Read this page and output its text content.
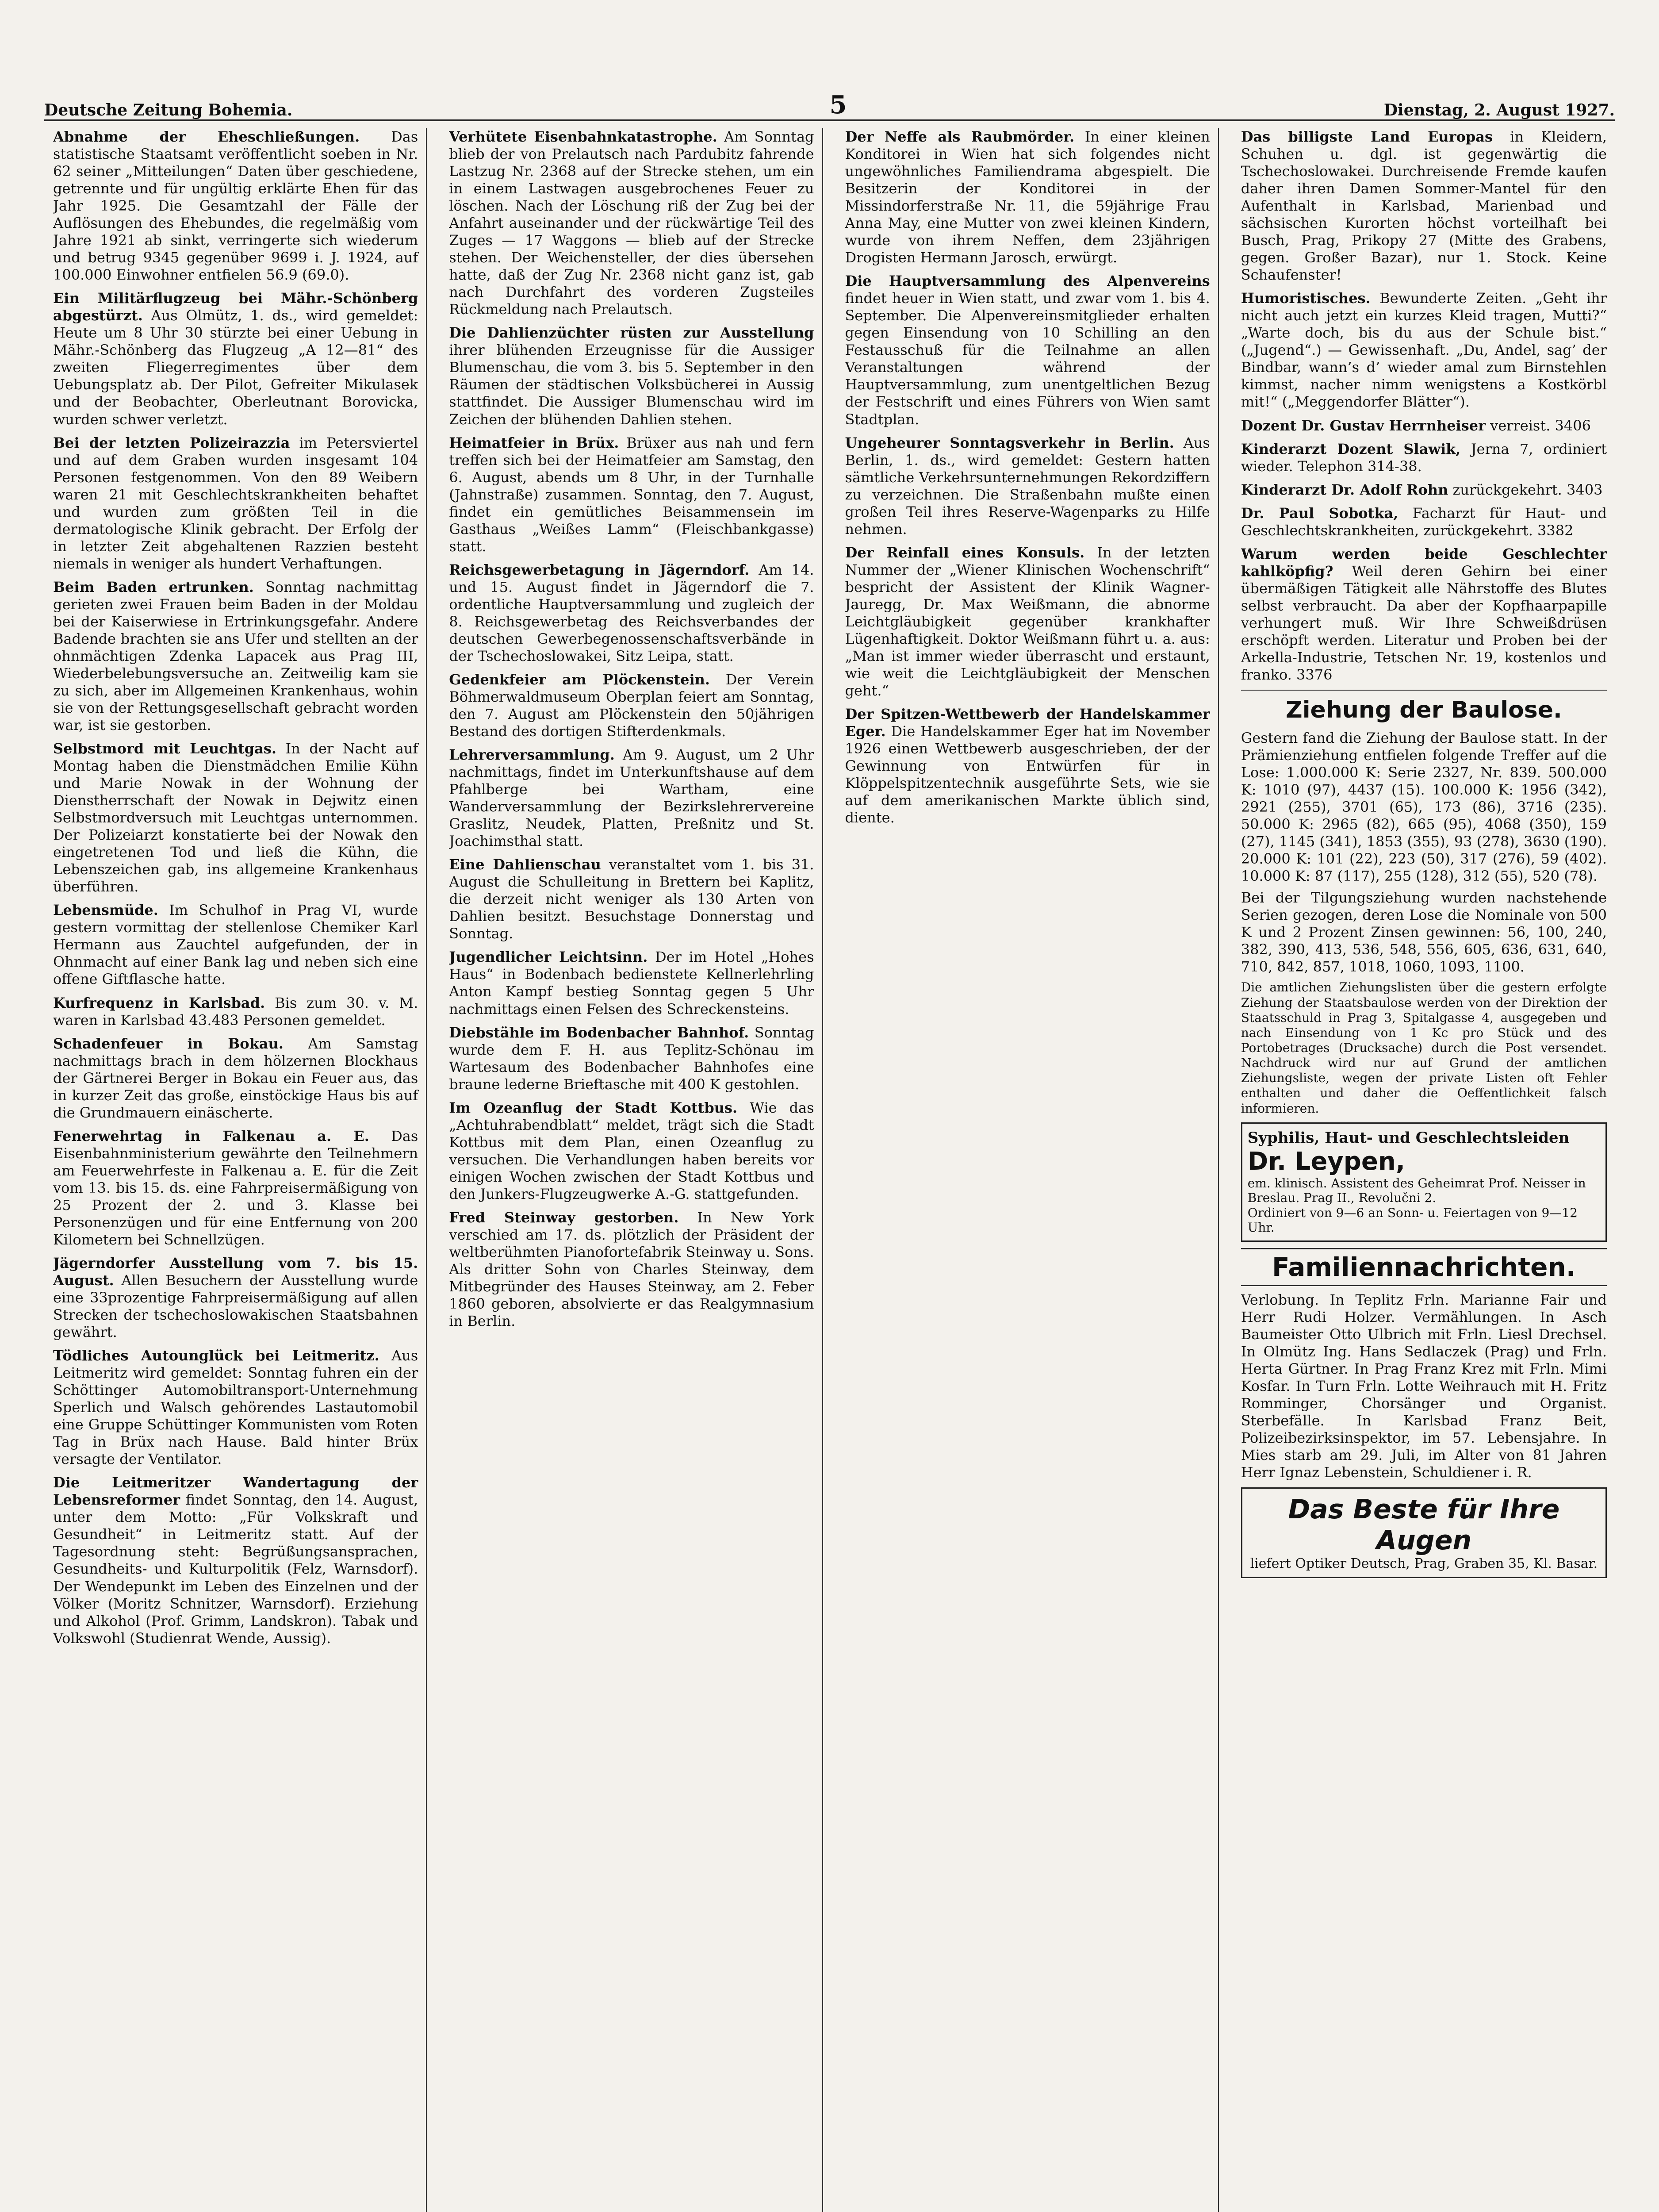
Deutsche Zeitung Bohemia.	5	Dienstag, 2. August 1927.
Abnahme der Eheschließungen. Das statistische Staatsamt veröffentlicht soeben in Nr. 62 seiner „Mitteilungen“ Daten über geschiedene, getrennte und für ungültig erklärte Ehen für das Jahr 1925. Die Gesamtzahl der Fälle der Auflösungen des Ehebundes, die regelmäßig vom Jahre 1921 ab sinkt, verringerte sich wiederum und betrug 9345 gegenüber 9699 i. J. 1924, auf 100.000 Einwohner entfielen 56.9 (69.0).
Ein Militärflugzeug bei Mähr.-Schönberg abgestürzt. Aus Olmütz, 1. ds., wird gemeldet: Heute um 8 Uhr 30 stürzte bei einer Uebung in Mähr.-Schönberg das Flugzeug „A 12—81“ des zweiten Fliegerregimentes über dem Uebungsplatz ab. Der Pilot, Gefreiter Mikulasek und der Beobachter, Oberleutnant Borovicka, wurden schwer verletzt.
Bei der letzten Polizeirazzia im Petersviertel und auf dem Graben wurden insgesamt 104 Personen festgenommen. Von den 89 Weibern waren 21 mit Geschlechtskrankheiten behaftet und wurden zum größten Teil in die dermatologische Klinik gebracht. Der Erfolg der in letzter Zeit abgehaltenen Razzien besteht niemals in weniger als hundert Verhaftungen.
Beim Baden ertrunken. Sonntag nachmittag gerieten zwei Frauen beim Baden in der Moldau bei der Kaiserwiese in Ertrinkungsgefahr. Andere Badende brachten sie ans Ufer und stellten an der ohnmächtigen Zdenka Lapacek aus Prag III, Wiederbelebungsversuche an. Zeitweilig kam sie zu sich, aber im Allgemeinen Krankenhaus, wohin sie von der Rettungsgesellschaft gebracht worden war, ist sie gestorben.
Selbstmord mit Leuchtgas. In der Nacht auf Montag haben die Dienstmädchen Emilie Kühn und Marie Nowak in der Wohnung der Dienstherrschaft der Nowak in Dejwitz einen Selbstmordversuch mit Leuchtgas unternommen. Der Polizeiarzt konstatierte bei der Nowak den eingetretenen Tod und ließ die Kühn, die Lebenszeichen gab, ins allgemeine Krankenhaus überführen.
Lebensmüde. Im Schulhof in Prag VI, wurde gestern vormittag der stellenlose Chemiker Karl Hermann aus Zauchtel aufgefunden, der in Ohnmacht auf einer Bank lag und neben sich eine offene Giftflasche hatte.
Kurfrequenz in Karlsbad. Bis zum 30. v. M. waren in Karlsbad 43.483 Personen gemeldet.
Schadenfeuer in Bokau. Am Samstag nachmittags brach in dem hölzernen Blockhaus der Gärtnerei Berger in Bokau ein Feuer aus, das in kurzer Zeit das große, einstöckige Haus bis auf die Grundmauern einäscherte.
Fenerwehrtag in Falkenau a. E. Das Eisenbahnministerium gewährte den Teilnehmern am Feuerwehrfeste in Falkenau a. E. für die Zeit vom 13. bis 15. ds. eine Fahrpreisermäßigung von 25 Prozent der 2. und 3. Klasse bei Personenzügen und für eine Entfernung von 200 Kilometern bei Schnellzügen.
Jägerndorfer Ausstellung vom 7. bis 15. August. Allen Besuchern der Ausstellung wurde eine 33prozentige Fahrpreisermäßigung auf allen Strecken der tschechoslowakischen Staatsbahnen gewährt.
Tödliches Autounglück bei Leitmeritz. Aus Leitmeritz wird gemeldet: Sonntag fuhren ein der Schöttinger Automobiltransport-Unternehmung Sperlich und Walsch gehörendes Lastautomobil eine Gruppe Schüttinger Kommunisten vom Roten Tag in Brüx nach Hause. Bald hinter Brüx versagte der Ventilator.
Die Leitmeritzer Wandertagung der Lebensreformer findet Sonntag, den 14. August, unter dem Motto: „Für Volkskraft und Gesundheit“ in Leitmeritz statt. Auf der Tagesordnung steht: Begrüßungsansprachen, Gesundheits- und Kulturpolitik (Felz, Warnsdorf). Der Wendepunkt im Leben des Einzelnen und der Völker (Moritz Schnitzer, Warnsdorf). Erziehung und Alkohol (Prof. Grimm, Landskron). Tabak und Volkswohl (Studienrat Wende, Aussig).
Verhütete Eisenbahnkatastrophe. Am Sonntag blieb der von Prelautsch nach Pardubitz fahrende Lastzug Nr. 2368 auf der Strecke stehen, um ein in einem Lastwagen ausgebrochenes Feuer zu löschen. Nach der Löschung riß der Zug bei der Anfahrt auseinander und der rückwärtige Teil des Zuges — 17 Waggons — blieb auf der Strecke stehen. Der Weichensteller, der dies übersehen hatte, daß der Zug Nr. 2368 nicht ganz ist, gab nach Durchfahrt des vorderen Zugsteiles Rückmeldung nach Prelautsch.
Die Dahlienzüchter rüsten zur Ausstellung ihrer blühenden Erzeugnisse für die Aussiger Blumenschau, die vom 3. bis 5. September in den Räumen der städtischen Volksbücherei in Aussig stattfindet. Die Aussiger Blumenschau wird im Zeichen der blühenden Dahlien stehen.
Heimatfeier in Brüx. Brüxer aus nah und fern treffen sich bei der Heimatfeier am Samstag, den 6. August, abends um 8 Uhr, in der Turnhalle (Jahnstraße) zusammen. Sonntag, den 7. August, findet ein gemütliches Beisammensein im Gasthaus „Weißes Lamm“ (Fleischbankgasse) statt.
Reichsgewerbetagung in Jägerndorf. Am 14. und 15. August findet in Jägerndorf die 7. ordentliche Hauptversammlung und zugleich der 8. Reichsgewerbetag des Reichsverbandes der deutschen Gewerbegenossenschaftsverbände in der Tschechoslowakei, Sitz Leipa, statt.
Gedenkfeier am Plöckenstein. Der Verein Böhmerwaldmuseum Oberplan feiert am Sonntag, den 7. August am Plöckenstein den 50jährigen Bestand des dortigen Stifterdenkmals.
Lehrerversammlung. Am 9. August, um 2 Uhr nachmittags, findet im Unterkunftshause auf dem Pfahlberge bei Wartham, eine Wanderversammlung der Bezirkslehrervereine Graslitz, Neudek, Platten, Preßnitz und St. Joachimsthal statt.
Eine Dahlienschau veranstaltet vom 1. bis 31. August die Schulleitung in Brettern bei Kaplitz, die derzeit nicht weniger als 130 Arten von Dahlien besitzt. Besuchstage Donnerstag und Sonntag.
Jugendlicher Leichtsinn. Der im Hotel „Hohes Haus“ in Bodenbach bedienstete Kellnerlehrling Anton Kampf bestieg Sonntag gegen 5 Uhr nachmittags einen Felsen des Schreckensteins.
Diebstähle im Bodenbacher Bahnhof. Sonntag wurde dem F. H. aus Teplitz-Schönau im Wartesaum des Bodenbacher Bahnhofes eine braune lederne Brieftasche mit 400 K gestohlen.
Im Ozeanflug der Stadt Kottbus. Wie das „Achtuhrabendblatt“ meldet, trägt sich die Stadt Kottbus mit dem Plan, einen Ozeanflug zu versuchen. Die Verhandlungen haben bereits vor einigen Wochen zwischen der Stadt Kottbus und den Junkers-Flugzeugwerke A.-G. stattgefunden.
Fred Steinway gestorben. In New York verschied am 17. ds. plötzlich der Präsident der weltberühmten Pianofortefabrik Steinway u. Sons. Als dritter Sohn von Charles Steinway, dem Mitbegründer des Hauses Steinway, am 2. Feber 1860 geboren, absolvierte er das Realgymnasium in Berlin.
Der Neffe als Raubmörder. In einer kleinen Konditorei in Wien hat sich folgendes nicht ungewöhnliches Familiendrama abgespielt. Die Besitzerin der Konditorei in der Missindorferstraße Nr. 11, die 59jährige Frau Anna May, eine Mutter von zwei kleinen Kindern, wurde von ihrem Neffen, dem 23jährigen Drogisten Hermann Jarosch, erwürgt.
Die Hauptversammlung des Alpenvereins findet heuer in Wien statt, und zwar vom 1. bis 4. September. Die Alpenvereinsmitglieder erhalten gegen Einsendung von 10 Schilling an den Festausschuß für die Teilnahme an allen Veranstaltungen während der Hauptversammlung, zum unentgeltlichen Bezug der Festschrift und eines Führers von Wien samt Stadtplan.
Ungeheurer Sonntagsverkehr in Berlin. Aus Berlin, 1. ds., wird gemeldet: Gestern hatten sämtliche Verkehrsunternehmungen Rekordziffern zu verzeichnen. Die Straßenbahn mußte einen großen Teil ihres Reserve-Wagenparks zu Hilfe nehmen.
Der Reinfall eines Konsuls. In der letzten Nummer der „Wiener Klinischen Wochenschrift“ bespricht der Assistent der Klinik Wagner-Jauregg, Dr. Max Weißmann, die abnorme Leichtgläubigkeit gegenüber krankhafter Lügenhaftigkeit. Doktor Weißmann führt u. a. aus: „Man ist immer wieder überrascht und erstaunt, wie weit die Leichtgläubigkeit der Menschen geht.“
Der Spitzen-Wettbewerb der Handelskammer Eger. Die Handelskammer Eger hat im November 1926 einen Wettbewerb ausgeschrieben, der der Gewinnung von Entwürfen für in Klöppelspitzentechnik ausgeführte Sets, wie sie auf dem amerikanischen Markte üblich sind, diente.
Das billigste Land Europas in Kleidern, Schuhen u. dgl. ist gegenwärtig die Tschechoslowakei. Durchreisende Fremde kaufen daher ihren Damen Sommer-Mantel für den Aufenthalt in Karlsbad, Marienbad und sächsischen Kurorten höchst vorteilhaft bei Busch, Prag, Prikopy 27 (Mitte des Grabens, gegen. Großer Bazar), nur 1. Stock. Keine Schaufenster!
Humoristisches. Bewunderte Zeiten. „Geht ihr nicht auch jetzt ein kurzes Kleid tragen, Mutti?“ „Warte doch, bis du aus der Schule bist.“ („Jugend“.) — Gewissenhaft. „Du, Andel, sag’ der Bindbar, wann’s d’ wieder amal zum Birnstehlen kimmst, nacher nimm wenigstens a Kostkörbl mit!“ („Meggendorfer Blätter“).
Dozent Dr. Gustav Herrnheiser verreist. 3406
Kinderarzt Dozent Slawik, Jerna 7, ordiniert wieder. Telephon 314-38.
Kinderarzt Dr. Adolf Rohn zurückgekehrt. 3403
Dr. Paul Sobotka, Facharzt für Haut- und Geschlechtskrankheiten, zurückgekehrt. 3382
Warum werden beide Geschlechter kahlköpfig? Weil deren Gehirn bei einer übermäßigen Tätigkeit alle Nährstoffe des Blutes selbst verbraucht. Da aber der Kopfhaarpapille verhungert muß. Wir Ihre Schweißdrüsen erschöpft werden. Literatur und Proben bei der Arkella-Industrie, Tetschen Nr. 19, kostenlos und franko. 3376
Ziehung der Baulose.
Gestern fand die Ziehung der Baulose statt. In der Prämienziehung entfielen folgende Treffer auf die Lose: 1.000.000 K: Serie 2327, Nr. 839. 500.000 K: 1010 (97), 4437 (15). 100.000 K: 1956 (342), 2921 (255), 3701 (65), 173 (86), 3716 (235). 50.000 K: 2965 (82), 665 (95), 4068 (350), 159 (27), 1145 (341), 1853 (355), 93 (278), 3630 (190). 20.000 K: 101 (22), 223 (50), 317 (276), 59 (402). 10.000 K: 87 (117), 255 (128), 312 (55), 520 (78).
Bei der Tilgungsziehung wurden nachstehende Serien gezogen, deren Lose die Nominale von 500 K und 2 Prozent Zinsen gewinnen: 56, 100, 240, 382, 390, 413, 536, 548, 556, 605, 636, 631, 640, 710, 842, 857, 1018, 1060, 1093, 1100.
Die amtlichen Ziehungslisten über die gestern erfolgte Ziehung der Staatsbaulose werden von der Direktion der Staatsschuld in Prag 3, Spitalgasse 4, ausgegeben und nach Einsendung von 1 Kc pro Stück und des Portobetrages (Drucksache) durch die Post versendet. Nachdruck wird nur auf Grund der amtlichen Ziehungsliste, wegen der private Listen oft Fehler enthalten und daher die Oeffentlichkeit falsch informieren.
Syphilis, Haut- und Geschlechtsleiden
Dr. Leypen,
em. klinisch. Assistent des Geheimrat Prof. Neisser in Breslau. Prag II., Revolučni 2.
Ordiniert von 9—6 an Sonn- u. Feiertagen von 9—12 Uhr.
Familiennachrichten.
Verlobung. In Teplitz Frln. Marianne Fair und Herr Rudi Holzer. Vermählungen. In Asch Baumeister Otto Ulbrich mit Frln. Liesl Drechsel. In Olmütz Ing. Hans Sedlaczek (Prag) und Frln. Herta Gürtner. In Prag Franz Krez mit Frln. Mimi Kosfar. In Turn Frln. Lotte Weihrauch mit H. Fritz Romminger, Chorsänger und Organist. Sterbefälle. In Karlsbad Franz Beit, Polizeibezirksinspektor, im 57. Lebensjahre. In Mies starb am 29. Juli, im Alter von 81 Jahren Herr Ignaz Lebenstein, Schuldiener i. R.
Das Beste für Ihre Augen
liefert Optiker Deutsch, Prag, Graben 35, Kl. Basar.
